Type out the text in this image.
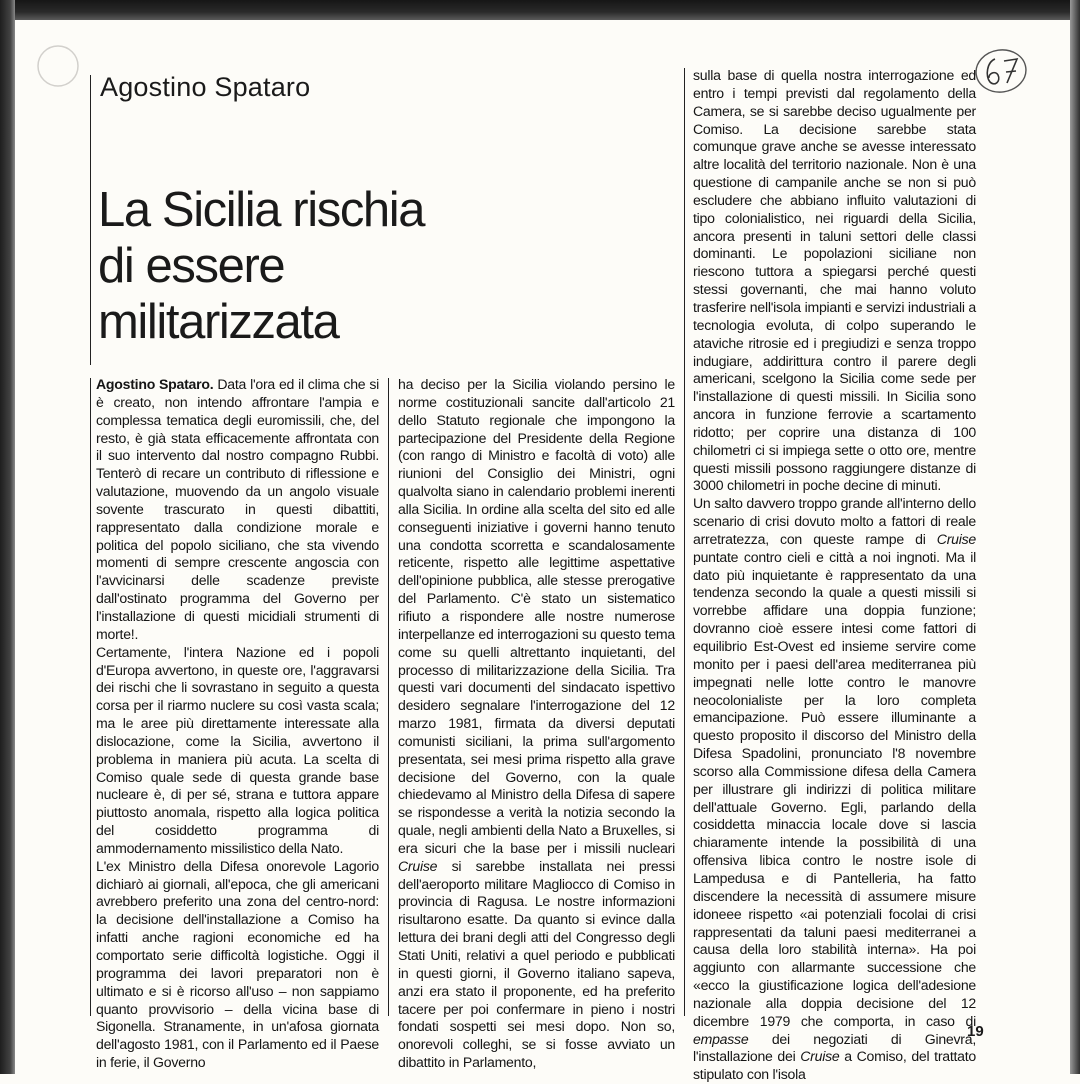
Agostino Spataro
La Sicilia rischia
di essere
militarizzata

Agostino Spataro. Data l'ora ed il clima che si è creato, non intendo affrontare l'ampia e complessa tematica degli euromissili, che, del resto, è già stata efficacemente affrontata con il suo intervento dal nostro compagno Rubbi. Tenterò di recare un contributo di riflessione e valutazione, muovendo da un angolo visuale sovente trascurato in questi dibattiti, rappresentato dalla condizione morale e politica del popolo siciliano, che sta vivendo momenti di sempre crescente angoscia con l'avvicinarsi delle scadenze previste dall'ostinato programma del Governo per l'installazione di questi micidiali strumenti di morte!.

Certamente, l'intera Nazione ed i popoli d'Europa avvertono, in queste ore, l'aggravarsi dei rischi che li sovrastano in seguito a questa corsa per il riarmo nuclere su così vasta scala; ma le aree più direttamente interessate alla dislocazione, come la Sicilia, avvertono il problema in maniera più acuta. La scelta di Comiso quale sede di questa grande base nucleare è, di per sé, strana e tuttora appare piuttosto anomala, rispetto alla logica politica del cosiddetto programma di ammodernamento missilistico della Nato.

L'ex Ministro della Difesa onorevole Lagorio dichiarò ai giornali, all'epoca, che gli americani avrebbero preferito una zona del centro-nord: la decisione dell'installazione a Comiso ha infatti anche ragioni economiche ed ha comportato serie difficoltà logistiche. Oggi il programma dei lavori preparatori non è ultimato e si è ricorso all'uso – non sappiamo quanto provvisorio – della vicina base di Sigonella. Stranamente, in un'afosa giornata dell'agosto 1981, con il Parlamento ed il Paese in ferie, il Governo

ha deciso per la Sicilia violando persino le norme costituzionali sancite dall'articolo 21 dello Statuto regionale che impongono la partecipazione del Presidente della Regione (con rango di Ministro e facoltà di voto) alle riunioni del Consiglio dei Ministri, ogni qualvolta siano in calendario problemi inerenti alla Sicilia. In ordine alla scelta del sito ed alle conseguenti iniziative i governi hanno tenuto una condotta scorretta e scandalosamente reticente, rispetto alle legittime aspettative dell'opinione pubblica, alle stesse prerogative del Parlamento. C'è stato un sistematico rifiuto a rispondere alle nostre numerose interpellanze ed interrogazioni su questo tema come su quelli altrettanto inquietanti, del processo di militarizzazione della Sicilia. Tra questi vari documenti del sindacato ispettivo desidero segnalare l'interrogazione del 12 marzo 1981, firmata da diversi deputati comunisti siciliani, la prima sull'argomento presentata, sei mesi prima rispetto alla grave decisione del Governo, con la quale chiedevamo al Ministro della Difesa di sapere se rispondesse a verità la notizia secondo la quale, negli ambienti della Nato a Bruxelles, si era sicuri che la base per i missili nucleari Cruise si sarebbe installata nei pressi dell'aeroporto militare Magliocco di Comiso in provincia di Ragusa. Le nostre informazioni risultarono esatte. Da quanto si evince dalla lettura dei brani degli atti del Congresso degli Stati Uniti, relativi a quel periodo e pubblicati in questi giorni, il Governo italiano sapeva, anzi era stato il proponente, ed ha preferito tacere per poi confermare in pieno i nostri fondati sospetti sei mesi dopo. Non so, onorevoli colleghi, se si fosse avviato un dibattito in Parlamento,

sulla base di quella nostra interrogazione ed entro i tempi previsti dal regolamento della Camera, se si sarebbe deciso ugualmente per Comiso. La decisione sarebbe stata comunque grave anche se avesse interessato altre località del territorio nazionale. Non è una questione di campanile anche se non si può escludere che abbiano influito valutazioni di tipo colonialistico, nei riguardi della Sicilia, ancora presenti in taluni settori delle classi dominanti. Le popolazioni siciliane non riescono tuttora a spiegarsi perché questi stessi governanti, che mai hanno voluto trasferire nell'isola impianti e servizi industriali a tecnologia evoluta, di colpo superando le ataviche ritrosie ed i pregiudizi e senza troppo indugiare, addirittura contro il parere degli americani, scelgono la Sicilia come sede per l'installazione di questi missili. In Sicilia sono ancora in funzione ferrovie a scartamento ridotto; per coprire una distanza di 100 chilometri ci si impiega sette o otto ore, mentre questi missili possono raggiungere distanze di 3000 chilometri in poche decine di minuti.

Un salto davvero troppo grande all'interno dello scenario di crisi dovuto molto a fattori di reale arretratezza, con queste rampe di Cruise puntate contro cieli e città a noi ingnoti. Ma il dato più inquietante è rappresentato da una tendenza secondo la quale a questi missili si vorrebbe affidare una doppia funzione; dovranno cioè essere intesi come fattori di equilibrio Est-Ovest ed insieme servire come monito per i paesi dell'area mediterranea più impegnati nelle lotte contro le manovre neocolonialiste per la loro completa emancipazione. Può essere illuminante a questo proposito il discorso del Ministro della Difesa Spadolini, pronunciato l'8 novembre scorso alla Commissione difesa della Camera per illustrare gli indirizzi di politica militare dell'attuale Governo. Egli, parlando della cosiddetta minaccia locale dove si lascia chiaramente intende la possibilità di una offensiva libica contro le nostre isole di Lampedusa e di Pantelleria, ha fatto discendere la necessità di assumere misure idoneee rispetto «ai potenziali focolai di crisi rappresentati da taluni paesi mediterranei a causa della loro stabilità interna». Ha poi aggiunto con allarmante successione che «ecco la giustificazione logica dell'adesione nazionale alla doppia decisione del 12 dicembre 1979 che comporta, in caso di empasse dei negoziati di Ginevra, l'installazione dei Cruise a Comiso, del trattato stipulato con l'isola

19
